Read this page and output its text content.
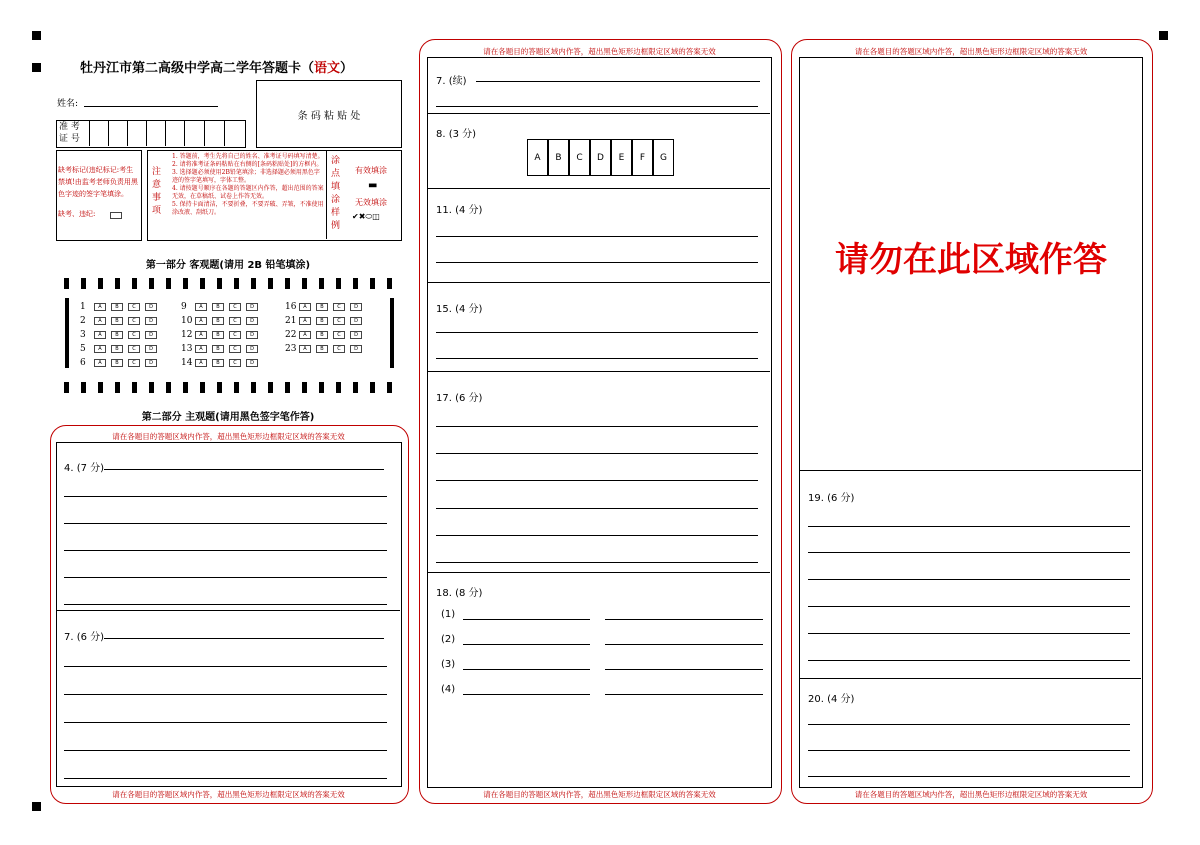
牡丹江市第二高级中学高二学年答题卡（语文）
姓名:
准 考
证 号
条 码 粘 贴 处
缺考标记(违纪标记:考生禁填!由监考老师负责用黑色字迹的签字笔填涂。
缺考、违纪:
注意事项
1. 答题前，考生先将自己的姓名、准考证号码填写清楚。
2. 请将准考证条码粘贴在右侧的[条码粘贴处]的方框内。
3. 选择题必须使用2B铅笔填涂；非选择题必须用黑色字迹的签字笔填写，字体工整。
4. 请按题号顺序在各题的答题区内作答，超出范围的答案无效，在草稿纸、试卷上作答无效。
5. 保持卡面清洁，不要折叠，不要弄破、弄皱，不准使用涂改液、刮纸刀。
涂点填涂样例
有效填涂
▬
无效填涂
✔✖⬭◫
第一部分 客观题(请用 2B 铅笔填涂)
1	A	B	C	D
2	A	B	C	D
3	A	B	C	D
5	A	B	C	D
6	A	B	C	D
9	A	B	C	D
10 A	B	C	D
12 A	B	C	D
13 A	B	C	D
14 A	B	C	D
16 A	B	C	D
21 A	B	C	D
22 A	B	C	D
23 A	B	C	D
第二部分 主观题(请用黑色签字笔作答)
请在各题目的答题区域内作答，超出黑色矩形边框限定区域的答案无效
请在各题目的答题区域内作答，超出黑色矩形边框限定区域的答案无效
4. (7 分)
7. (6 分)
请在各题目的答题区域内作答，超出黑色矩形边框限定区域的答案无效
请在各题目的答题区域内作答，超出黑色矩形边框限定区域的答案无效
7. (续)
8. (3 分)
A	B	C	D	E	F	G
11. (4 分)
15. (4 分)
17. (6 分)
18. (8 分)
(1)
(2)
(3)
(4)
请在各题目的答题区域内作答，超出黑色矩形边框限定区域的答案无效
请在各题目的答题区域内作答，超出黑色矩形边框限定区域的答案无效
请勿在此区域作答
19. (6 分)
20. (4 分)
